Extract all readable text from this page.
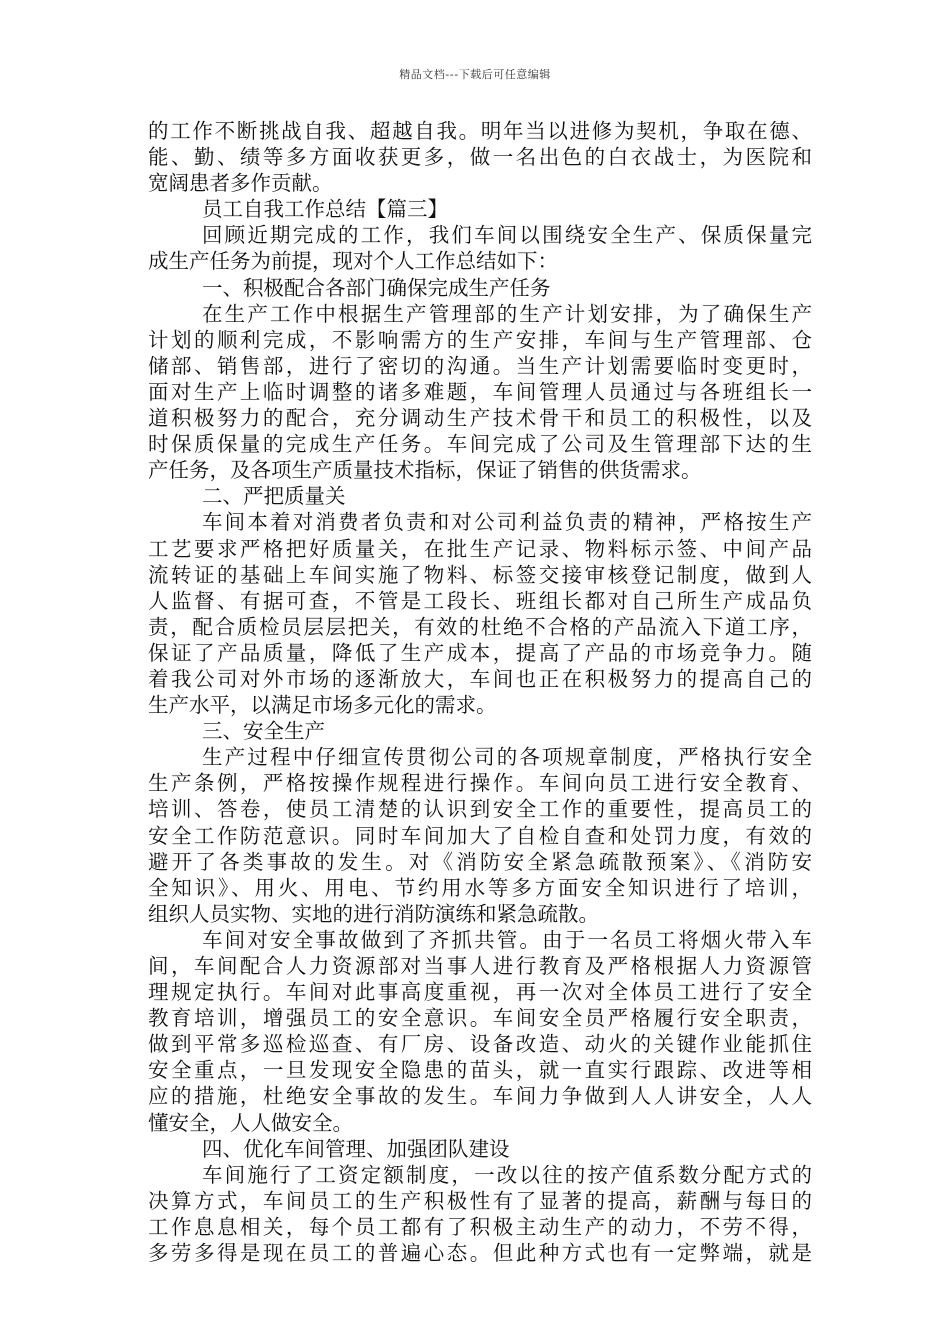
精品文档---下载后可任意编辑
的工作不断挑战自我、超越自我。明年当以进修为契机，争取在德、
能、勤、绩等多方面收获更多，做一名出色的白衣战士，为医院和
宽阔患者多作贡献。
员工自我工作总结【篇三】
回顾近期完成的工作，我们车间以围绕安全生产、保质保量完
成生产任务为前提，现对个人工作总结如下：
一、积极配合各部门确保完成生产任务
在生产工作中根据生产管理部的生产计划安排，为了确保生产
计划的顺利完成，不影响需方的生产安排，车间与生产管理部、仓
储部、销售部，进行了密切的沟通。当生产计划需要临时变更时，
面对生产上临时调整的诸多难题，车间管理人员通过与各班组长一
道积极努力的配合，充分调动生产技术骨干和员工的积极性，以及
时保质保量的完成生产任务。车间完成了公司及生管理部下达的生
产任务，及各项生产质量技术指标，保证了销售的供货需求。
二、严把质量关
车间本着对消费者负责和对公司利益负责的精神，严格按生产
工艺要求严格把好质量关，在批生产记录、物料标示签、中间产品
流转证的基础上车间实施了物料、标签交接审核登记制度，做到人
人监督、有据可查，不管是工段长、班组长都对自己所生产成品负
责，配合质检员层层把关，有效的杜绝不合格的产品流入下道工序，
保证了产品质量，降低了生产成本，提高了产品的市场竞争力。随
着我公司对外市场的逐渐放大，车间也正在积极努力的提高自己的
生产水平，以满足市场多元化的需求。
三、安全生产
生产过程中仔细宣传贯彻公司的各项规章制度，严格执行安全
生产条例，严格按操作规程进行操作。车间向员工进行安全教育、
培训、答卷，使员工清楚的认识到安全工作的重要性，提高员工的
安全工作防范意识。同时车间加大了自检自查和处罚力度，有效的
避开了各类事故的发生。对《消防安全紧急疏散预案》、《消防安
全知识》、用火、用电、节约用水等多方面安全知识进行了培训，
组织人员实物、实地的进行消防演练和紧急疏散。
车间对安全事故做到了齐抓共管。由于一名员工将烟火带入车
间，车间配合人力资源部对当事人进行教育及严格根据人力资源管
理规定执行。车间对此事高度重视，再一次对全体员工进行了安全
教育培训，增强员工的安全意识。车间安全员严格履行安全职责，
做到平常多巡检巡查、有厂房、设备改造、动火的关键作业能抓住
安全重点，一旦发现安全隐患的苗头，就一直实行跟踪、改进等相
应的措施，杜绝安全事故的发生。车间力争做到人人讲安全，人人
懂安全，人人做安全。
四、优化车间管理、加强团队建设
车间施行了工资定额制度，一改以往的按产值系数分配方式的
决算方式，车间员工的生产积极性有了显著的提高，薪酬与每日的
工作息息相关，每个员工都有了积极主动生产的动力，不劳不得，
多劳多得是现在员工的普遍心态。但此种方式也有一定弊端，就是
